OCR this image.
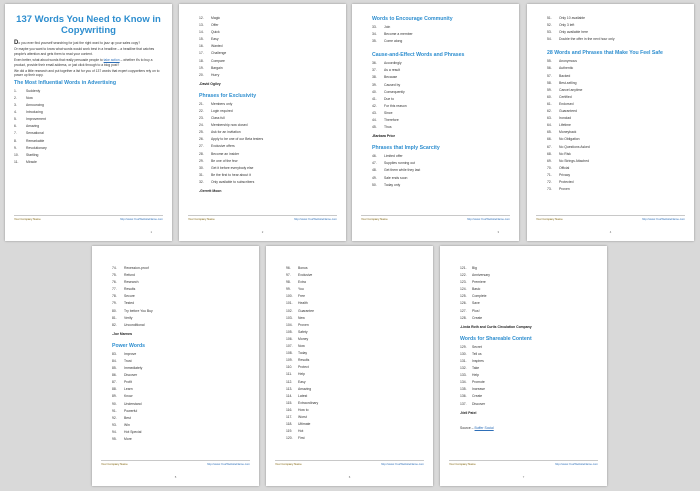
137 Words You Need to Know in Copywriting

Do you ever find yourself searching for just the right word to jazz up your sales copy?

Or maybe you want to know what words would work best in a headline – a headline that catches people's attention and gets them to read your content.

Even better, what about words that really persuade people to take action – whether it's to buy a product, provide their email address, or just click through to a blog post?

We did a little research and put together a list for you of 137 words that expert copywriters rely on to power up their copy.

The Most Influential Words in Advertising
1.	Suddenly
2.	Now
3.	Announcing
4.	Introducing
5.	Improvement
6.	Amazing
7.	Sensational
8.	Remarkable
9.	Revolutionary
10. Startling
11. Miracle
Your Company Name	http://www.YourWebsiteName.com
1
12. Magic
13. Offer
14. Quick
15. Easy
16. Wanted
17. Challenge
18. Compare
19. Bargain
20. Hurry
-David Ogilvy
Phrases for Exclusivity
21. Members only
22. Login required
23. Class full
24. Membership now closed
25. Ask for an invitation
26. Apply to be one of our Beta testers
27. Exclusive offers
28. Become an insider
29. Be one of the few
30. Get it before everybody else
31. Be the first to hear about it
32. Only available to subscribers
-Gerrett Moon
Your Company Name	http://www.YourWebsiteName.com
2
Words to Encourage Community
33. Join
34. Become a member
35. Come along
Cause-and-Effect Words and Phrases
36. Accordingly
37. As a result
38. Because
39. Caused by
40. Consequently
41. Due to
42. For this reason
43. Since
44. Therefore
45. Thus
-Barbara Price
Phrases that Imply Scarcity
46. Limited offer
47. Supplies running out
48. Get them while they last
49. Sale ends soon
50. Today only
Your Company Name	http://www.YourWebsiteName.com
3
51. Only 10 available
52. Only 3 left
53. Only available here
54. Double the offer in the next hour only
28 Words and Phrases that Make You Feel Safe
55. Anonymous
56. Authentic
57. Backed
58. Best-selling
59. Cancel anytime
60. Certified
61. Endorsed
62. Guaranteed
63. Ironclad
64. Lifetime
65. Moneyback
66. No Obligation
67. No Questions Asked
68. No Risk
69. No Strings Attached
70. Official
71. Privacy
72. Protected
73. Proven
Your Company Name	http://www.YourWebsiteName.com
4
74. Recession-proof
75. Refund
76. Research
77. Results
78. Secure
79. Tested
80. Try before You Buy
81. Verify
82. Unconditional
-Joe Marrow
Power Words
83. Improve
84. Trust
85. Immediately
86. Discover
87. Profit
88. Learn
89. Know
90. Understand
91. Powerful
92. Best
93. Win
94. Hot Special
95. More
Your Company Name	http://www.YourWebsiteName.com
5
96. Bonus
97. Exclusive
98. Extra
99. You
100. Free
101. Health
102. Guarantee
103. New
104. Proven
105. Safety
106. Money
107. Now
108. Today
109. Results
110. Protect
111. Help
112. Easy
113. Amazing
114. Latest
115. Extraordinary
116. How to
117. Worst
118. Ultimate
119. Hot
120. First
Your Company Name	http://www.YourWebsiteName.com
6
121. Big
122. Anniversary
123. Premiere
124. Basic
125. Complete
126. Save
127. Plus!
128. Create
-Linda Roth and Curtis Circulation Company
Words for Shareable Content
129. Secret
130. Tell us
131. Inspires
132. Take
133. Help
134. Promote
135. Increase
136. Create
137. Discover
-Neil Patel
Source – Buffer Social
Your Company Name	http://www.YourWebsiteName.com
7
